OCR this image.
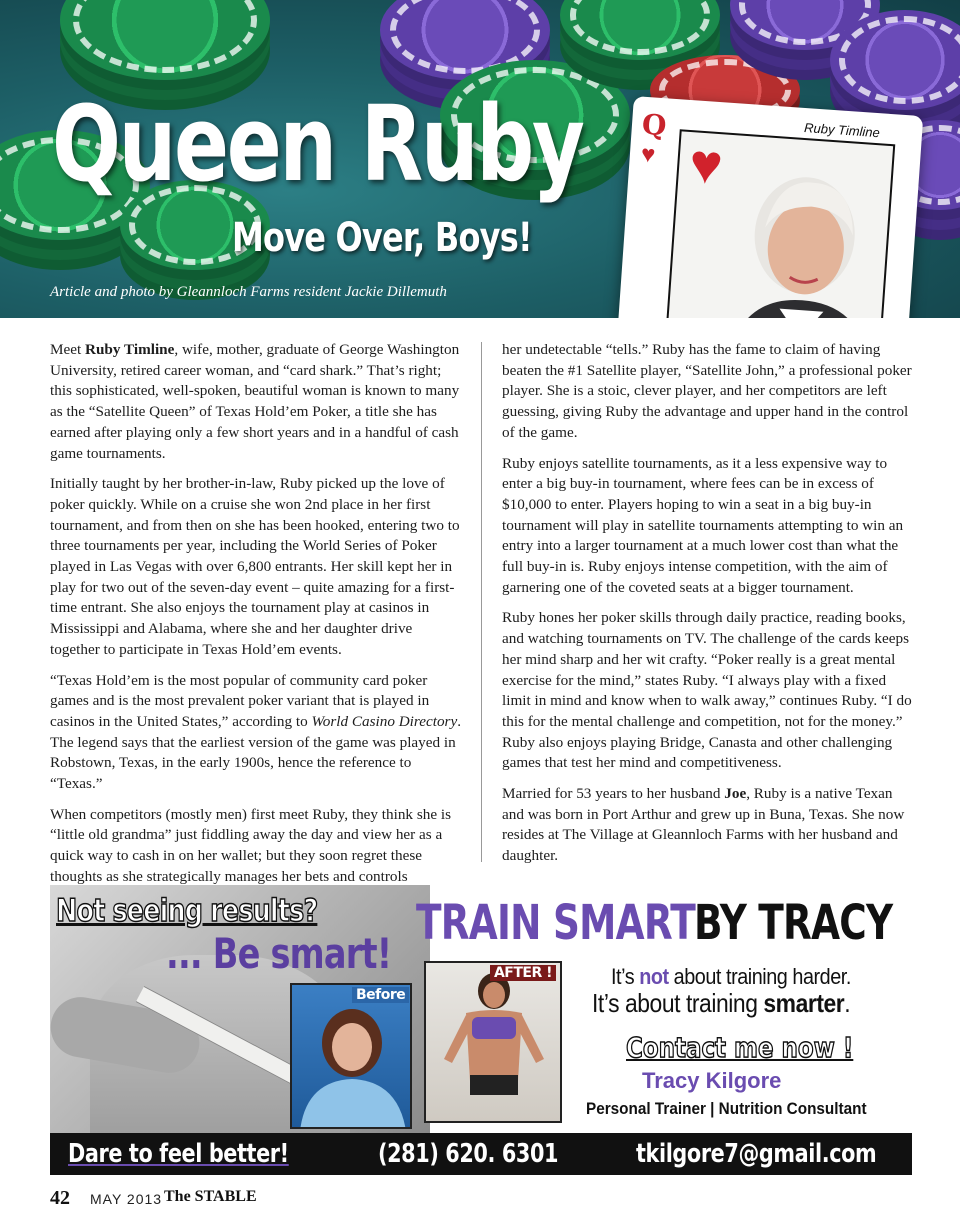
Queen Ruby
Move Over, Boys!
Article and photo by Gleannloch Farms resident Jackie Dillemuth
Q
♥ ♥
Ruby Timline

Meet Ruby Timline, wife, mother, graduate of George Washington University, retired career woman, and “card shark.” That’s right; this sophisticated, well-spoken, beautiful woman is known to many as the “Satellite Queen” of Texas Hold’em Poker, a title she has earned after playing only a few short years and in a handful of cash game tournaments.

Initially taught by her brother-in-law, Ruby picked up the love of poker quickly. While on a cruise she won 2nd place in her first tournament, and from then on she has been hooked, entering two to three tournaments per year, including the World Series of Poker played in Las Vegas with over 6,800 entrants. Her skill kept her in play for two out of the seven-day event – quite amazing for a first-time entrant. She also enjoys the tournament play at casinos in Mississippi and Alabama, where she and her daughter drive together to participate in Texas Hold’em events.

“Texas Hold’em is the most popular of community card poker games and is the most prevalent poker variant that is played in casinos in the United States,” according to World Casino Directory. The legend says that the earliest version of the game was played in Robstown, Texas, in the early 1900s, hence the reference to “Texas.”

When competitors (mostly men) first meet Ruby, they think she is “little old grandma” just fiddling away the day and view her as a quick way to cash in on her wallet; but they soon regret these thoughts as she strategically manages her bets and controls

her undetectable “tells.” Ruby has the fame to claim of having beaten the #1 Satellite player, “Satellite John,” a professional poker player. She is a stoic, clever player, and her competitors are left guessing, giving Ruby the advantage and upper hand in the control of the game.

Ruby enjoys satellite tournaments, as it a less expensive way to enter a big buy-in tournament, where fees can be in excess of $10,000 to enter. Players hoping to win a seat in a big buy-in tournament will play in satellite tournaments attempting to win an entry into a larger tournament at a much lower cost than what the full buy-in is. Ruby enjoys intense competition, with the aim of garnering one of the coveted seats at a bigger tournament.

Ruby hones her poker skills through daily practice, reading books, and watching tournaments on TV. The challenge of the cards keeps her mind sharp and her wit crafty. “Poker really is a great mental exercise for the mind,” states Ruby. “I always play with a fixed limit in mind and know when to walk away,” continues Ruby. “I do this for the mental challenge and competition, not for the money.” Ruby also enjoys playing Bridge, Canasta and other challenging games that test her mind and competitiveness.

Married for 53 years to her husband Joe, Ruby is a native Texan and was born in Port Arthur and grew up in Buna, Texas. She now resides at The Village at Gleannloch Farms with her husband and daughter.

Not seeing results?
... Be smart!
TRAIN SMART BY TRACY
Before
AFTER !	It’s not about training harder.
It’s about training smarter.
Contact me now !
Tracy Kilgore
Personal Trainer | Nutrition Consultant
Dare to feel better!	(281) 620. 6301	tkilgore7@gmail.com
42 MAY 2013 The STABLE
